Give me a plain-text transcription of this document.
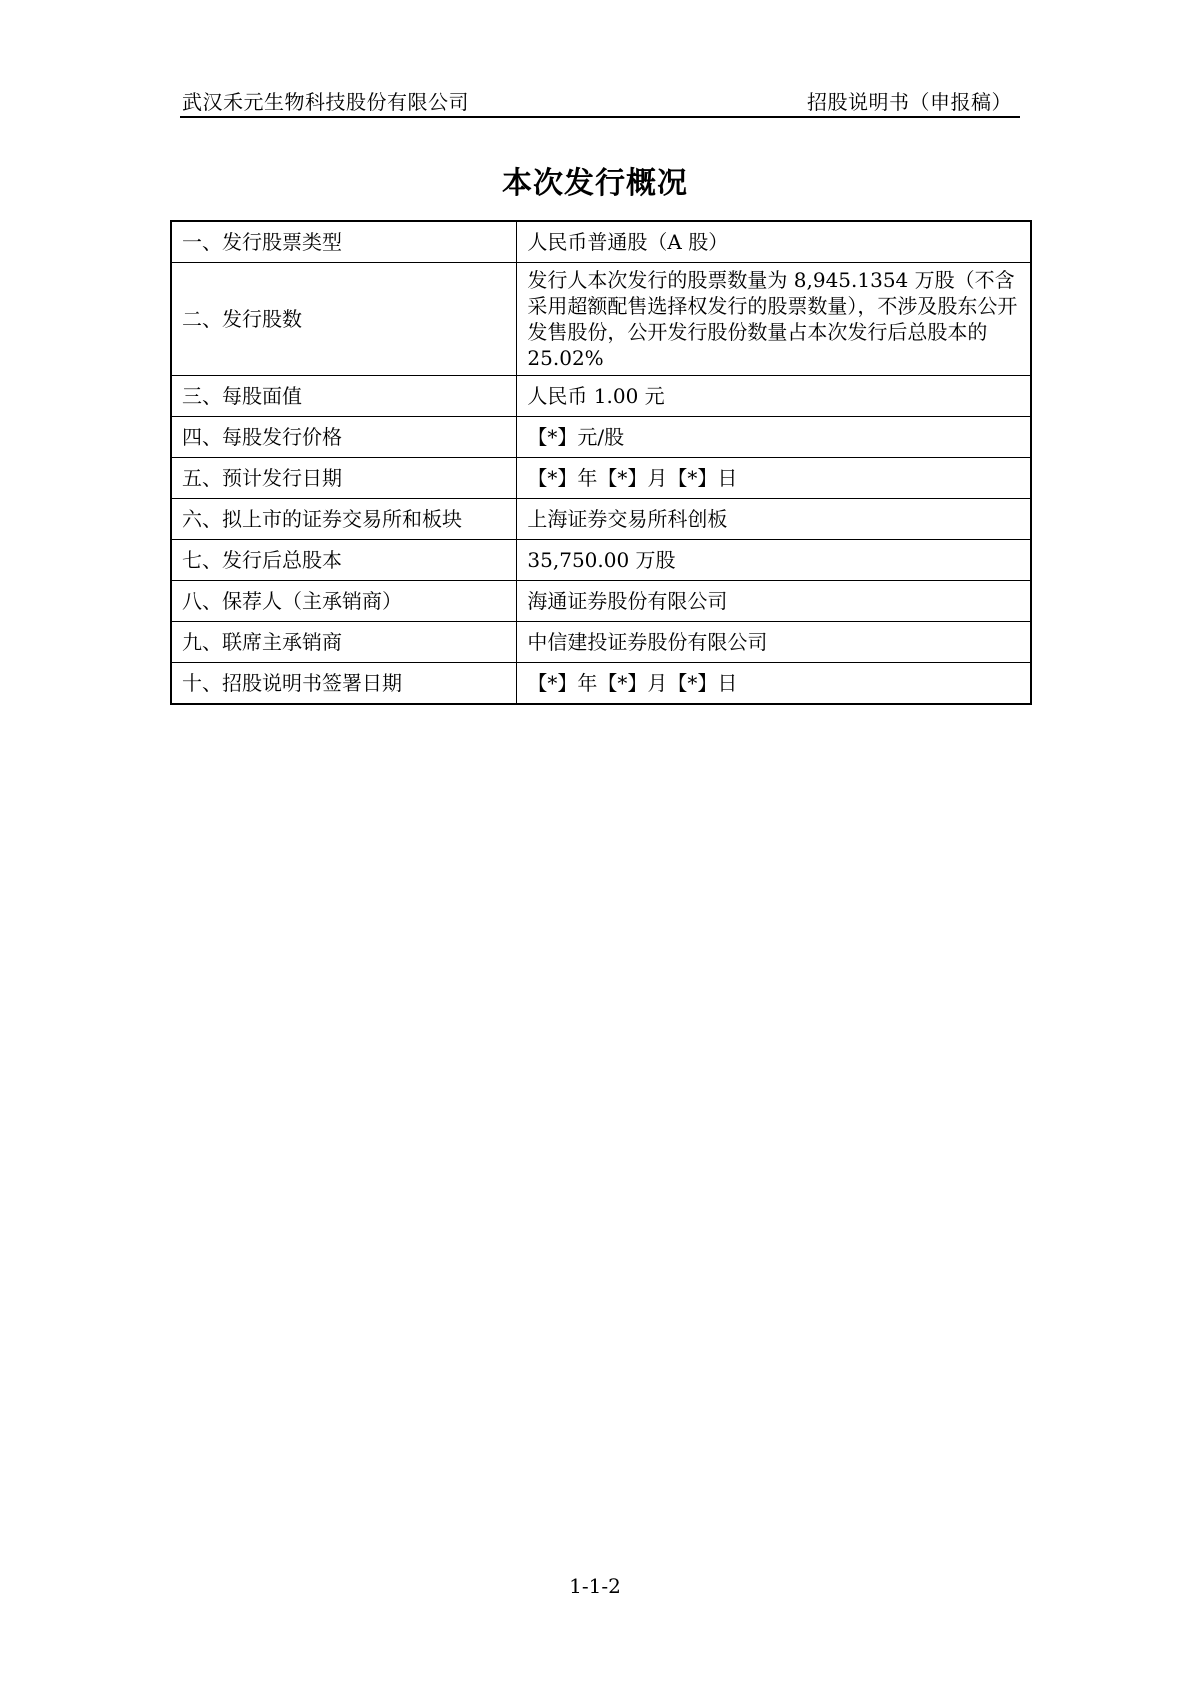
武汉禾元生物科技股份有限公司	招股说明书（申报稿）
本次发行概况
一、发行股票类型	人民币普通股（A 股）
二、发行股数	发行人本次发行的股票数量为 8,945.1354 万股（不含采用超额配售选择权发行的股票数量），不涉及股东公开发售股份，公开发行股份数量占本次发行后总股本的 25.02%
三、每股面值	人民币 1.00 元
四、每股发行价格	【*】元/股
五、预计发行日期	【*】年【*】月【*】日
六、拟上市的证券交易所和板块	上海证券交易所科创板
七、发行后总股本	35,750.00 万股
八、保荐人（主承销商）	海通证券股份有限公司
九、联席主承销商	中信建投证券股份有限公司
十、招股说明书签署日期	【*】年【*】月【*】日
1-1-2
